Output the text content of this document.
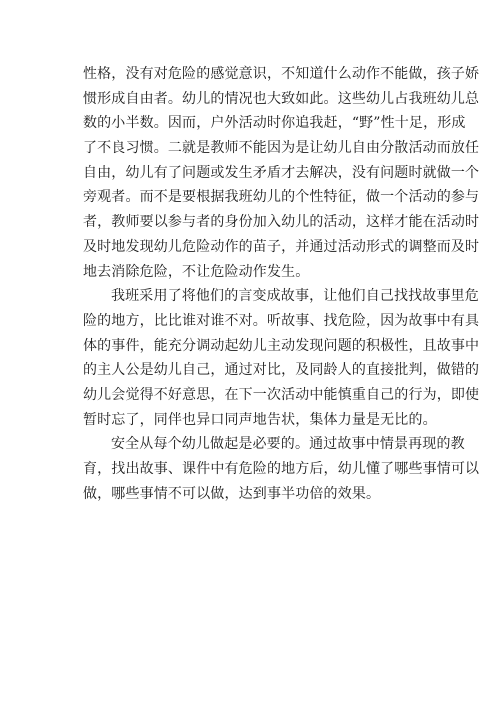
性格，没有对危险的感觉意识，不知道什么动作不能做，孩子娇
惯形成自由者。幼儿的情况也大致如此。这些幼儿占我班幼儿总
数的小半数。因而，户外活动时你追我赶，“野”性十足，形成
了不良习惯。二就是教师不能因为是让幼儿自由分散活动而放任
自由，幼儿有了问题或发生矛盾才去解决，没有问题时就做一个
旁观者。而不是要根据我班幼儿的个性特征，做一个活动的参与
者，教师要以参与者的身份加入幼儿的活动，这样才能在活动时
及时地发现幼儿危险动作的苗子，并通过活动形式的调整而及时
地去消除危险，不让危险动作发生。
我班采用了将他们的言变成故事，让他们自己找找故事里危
险的地方，比比谁对谁不对。听故事、找危险，因为故事中有具
体的事件，能充分调动起幼儿主动发现问题的积极性，且故事中
的主人公是幼儿自己，通过对比，及同龄人的直接批判，做错的
幼儿会觉得不好意思，在下一次活动中能慎重自己的行为，即使
暂时忘了，同伴也异口同声地告状，集体力量是无比的。
安全从每个幼儿做起是必要的。通过故事中情景再现的教
育，找出故事、课件中有危险的地方后，幼儿懂了哪些事情可以
做，哪些事情不可以做，达到事半功倍的效果。
